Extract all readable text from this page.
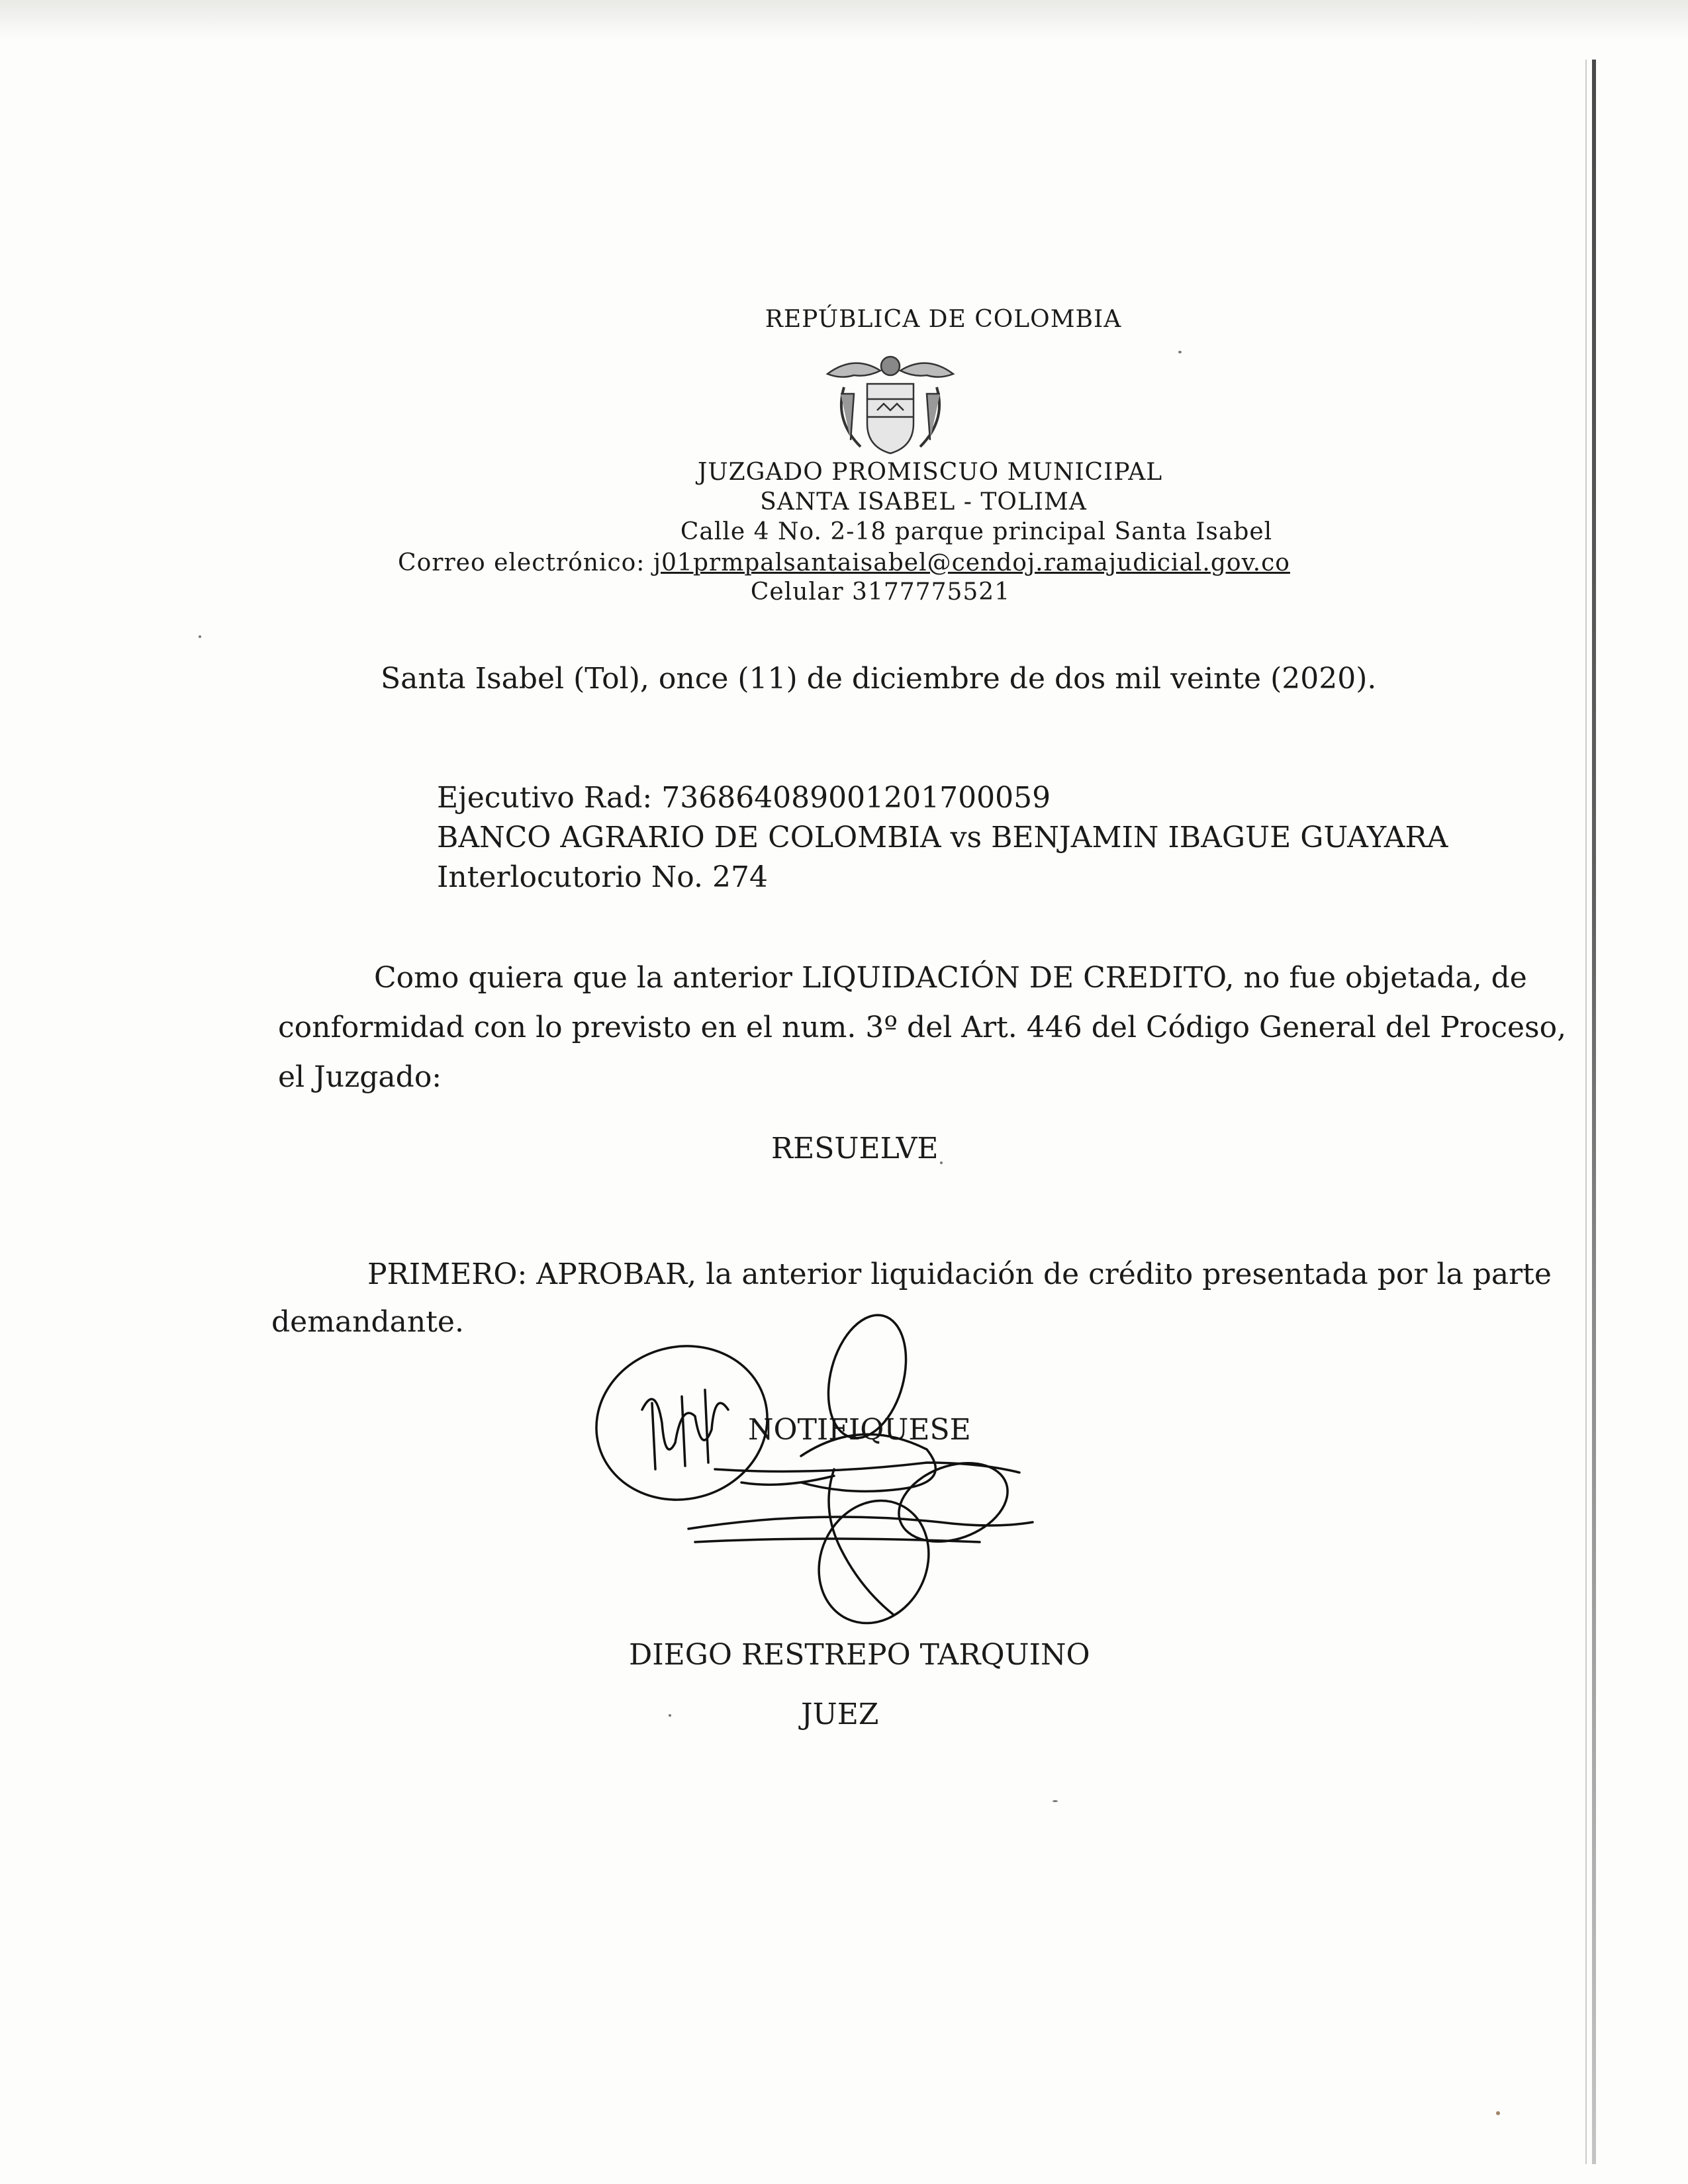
REPÚBLICA DE COLOMBIA
JUZGADO PROMISCUO MUNICIPAL
SANTA ISABEL - TOLIMA
Calle 4 No. 2-18 parque principal Santa Isabel
Correo electrónico: j01prmpalsantaisabel@cendoj.ramajudicial.gov.co
Celular 3177775521
Santa Isabel (Tol), once (11) de diciembre de dos mil veinte (2020).
Ejecutivo Rad: 73686408900120170005​9
BANCO AGRARIO DE COLOMBIA vs BENJAMIN IBAGUE GUAYARA
Interlocutorio No. 274
Como quiera que la anterior LIQUIDACIÓN DE CREDITO, no fue objetada, de
conformidad con lo previsto en el num. 3º del Art. 446 del Código General del Proceso,
el Juzgado:
RESUELVE
PRIMERO: APROBAR, la anterior liquidación de crédito presentada por la parte
demandante.
NOTIFIQUESE
DIEGO RESTREPO TARQUINO
JUEZ
